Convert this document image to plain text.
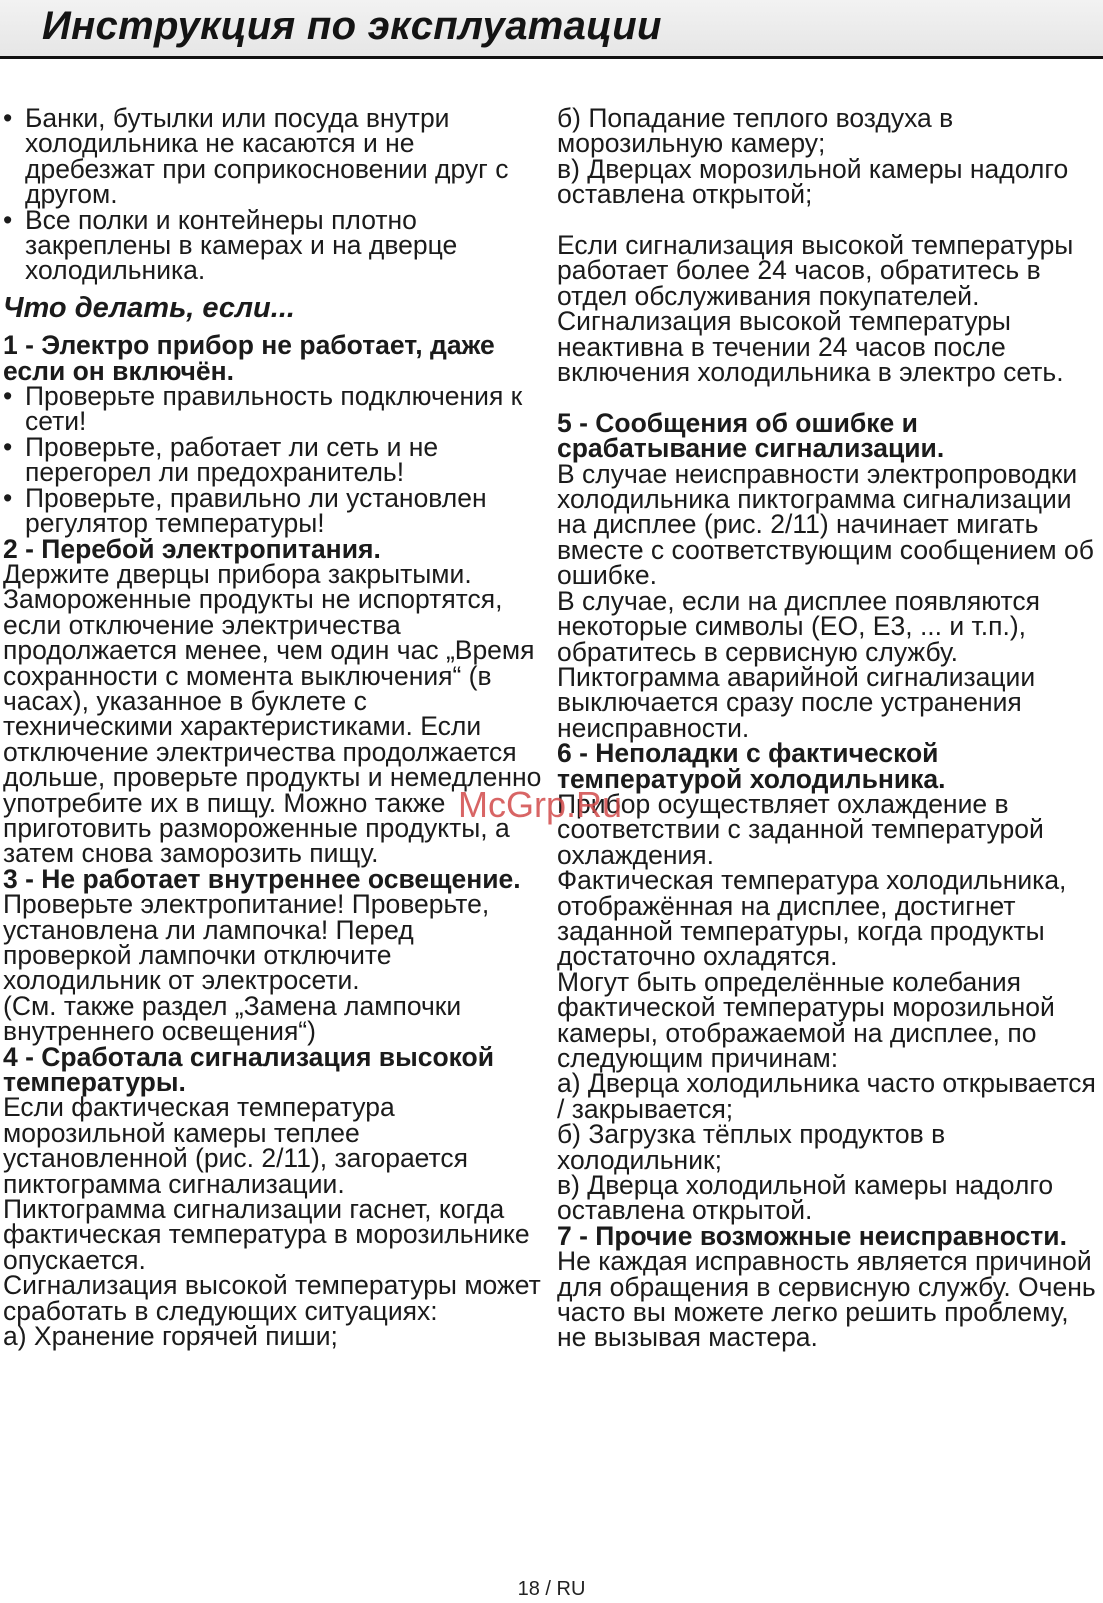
Инструкция по эксплуатации

• Банки, бутылки или посуда внутри холодильника не касаются и не дребезжат при соприкосновении друг с другом.

• Все полки и контейнеры плотно закреплены в камерах и на дверце холодильника.

Что делать, если...

1 - Электро прибор не работает, даже если он включён.

• Проверьте правильность подключения к сети!

• Проверьте, работает ли сеть и не перегорел ли предохранитель!

• Проверьте, правильно ли установлен регулятор температуры!

2 - Перебой электропитания.

Держите дверцы прибора закрытыми. Замороженные продукты не испортятся, если отключение электричества продолжается менее, чем один час „Время сохранности с момента выключения“ (в часах), указанное в буклете с техническими характеристиками. Если отключение электричества продолжается дольше, проверьте продукты и немедленно употребите их в пищу. Можно также приготовить размороженные продукты, а затем снова заморозить пищу.

3 - Не работает внутреннее освещение.

Проверьте электропитание! Проверьте, установлена ли лампочка! Перед проверкой лампочки отключите холодильник от электросети.

(См. также раздел „Замена лампочки внутреннего освещения“)

4 - Сработала сигнализация высокой температуры.

Если фактическая температура морозильной камеры теплее установленной (рис. 2/11), загорается пиктограмма сигнализации.

Пиктограмма сигнализации гаснет, когда фактическая температура в морозильнике опускается.

Сигнализация высокой температуры может сработать в следующих ситуациях:

а) Хранение горячей пиши;

б) Попадание теплого воздуха в морозильную камеру;

в) Дверцах морозильной камеры надолго оставлена открытой;

Если сигнализация высокой температуры работает более 24 часов, обратитесь в отдел обслуживания покупателей.

Сигнализация высокой температуры неактивна в течении 24 часов после включения холодильника в электро сеть.

5 - Сообщения об ошибке и срабатывание сигнализации.

В случае неисправности электропроводки холодильника пиктограмма сигнализации на дисплее (рис. 2/11) начинает мигать вместе с соответствующим сообщением об ошибке.

В случае, если на дисплее появляются некоторые символы (ЕО, Е3, ... и т.п.), обратитесь в сервисную службу.

Пиктограмма аварийной сигнализации выключается сразу после устранения неисправности.

6 - Неполадки с фактической температурой холодильника.

Прибор осуществляет охлаждение в соответствии с заданной температурой охлаждения.

Фактическая температура холодильника, отображённая на дисплее, достигнет заданной температуры, когда продукты достаточно охладятся.

Могут быть определённые колебания фактической температуры морозильной камеры, отображаемой на дисплее, по следующим причинам:

а) Дверца холодильника часто открывается / закрывается;

б) Загрузка тёплых продуктов в холодильник;

в) Дверца холодильной камеры надолго оставлена открытой.

7 - Прочие возможные неисправности.

Не каждая исправность является причиной для обращения в сервисную службу. Очень часто вы можете легко решить проблему, не вызывая мастера.

McGrp.Ru
18 / RU
